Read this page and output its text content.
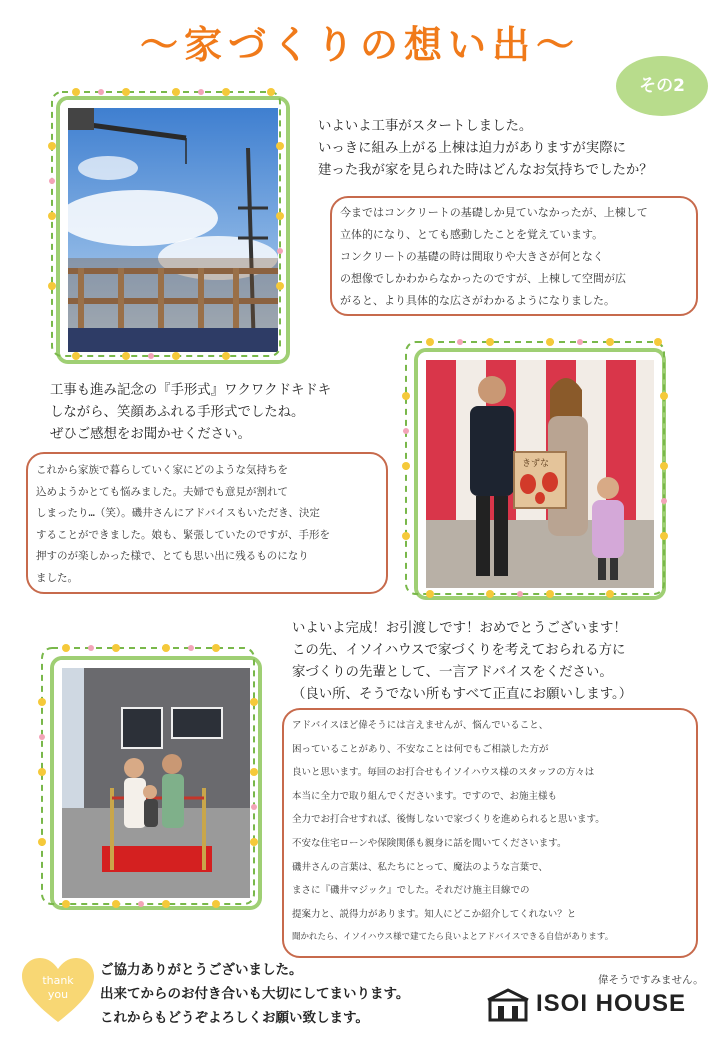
〜家づくりの想い出〜
その2
いよいよ工事がスタートしました。
いっきに組み上がる上棟は迫力がありますが実際に
建った我が家を見られた時はどんなお気持ちでしたか？
今まではコンクリートの基礎しか見ていなかったが、上棟して
立体的になり、とても感動したことを覚えています。
コンクリートの基礎の時は間取りや大きさが何となく
の想像でしかわからなかったのですが、上棟して空間が広
がると、より具体的な広さがわかるようになりました。
きずな
工事も進み記念の『手形式』ワクワクドキドキ
しながら、笑顔あふれる手形式でしたね。
ぜひご感想をお聞かせください。
これから家族で暮らしていく家にどのような気持ちを
込めようかとても悩みました。夫婦でも意見が割れて
しまったり…（笑）。磯井さんにアドバイスもいただき、決定
することができました。娘も、緊張していたのですが、手形を
押すのが楽しかった様で、とても思い出に残るものになり
ました。
いよいよ完成！お引渡しです！おめでとうございます！
この先、イソイハウスで家づくりを考えておられる方に
家づくりの先輩として、一言アドバイスをください。
（良い所、そうでない所もすべて正直にお願いします。）
アドバイスほど偉そうには言えませんが、悩んでいること、
困っていることがあり、不安なことは何でもご相談した方が
良いと思います。毎回のお打合せもイソイハウス様のスタッフの方々は
本当に全力で取り組んでくださいます。ですので、お施主様も
全力でお打合せすれば、後悔しないで家づくりを進められると思います。
不安な住宅ローンや保険関係も親身に話を聞いてくださいます。
磯井さんの言葉は、私たちにとって、魔法のような言葉で、
まさに『磯井マジック』でした。それだけ施主目線での
提案力と、説得力があります。知人にどこか紹介してくれない？と
聞かれたら、イソイハウス様で建てたら良いよとアドバイスできる自信があります。
偉そうですみません。
thank
you
ご協力ありがとうございました。
出来てからのお付き合いも大切にしてまいります。
これからもどうぞよろしくお願い致します。
ISOI HOUSE
